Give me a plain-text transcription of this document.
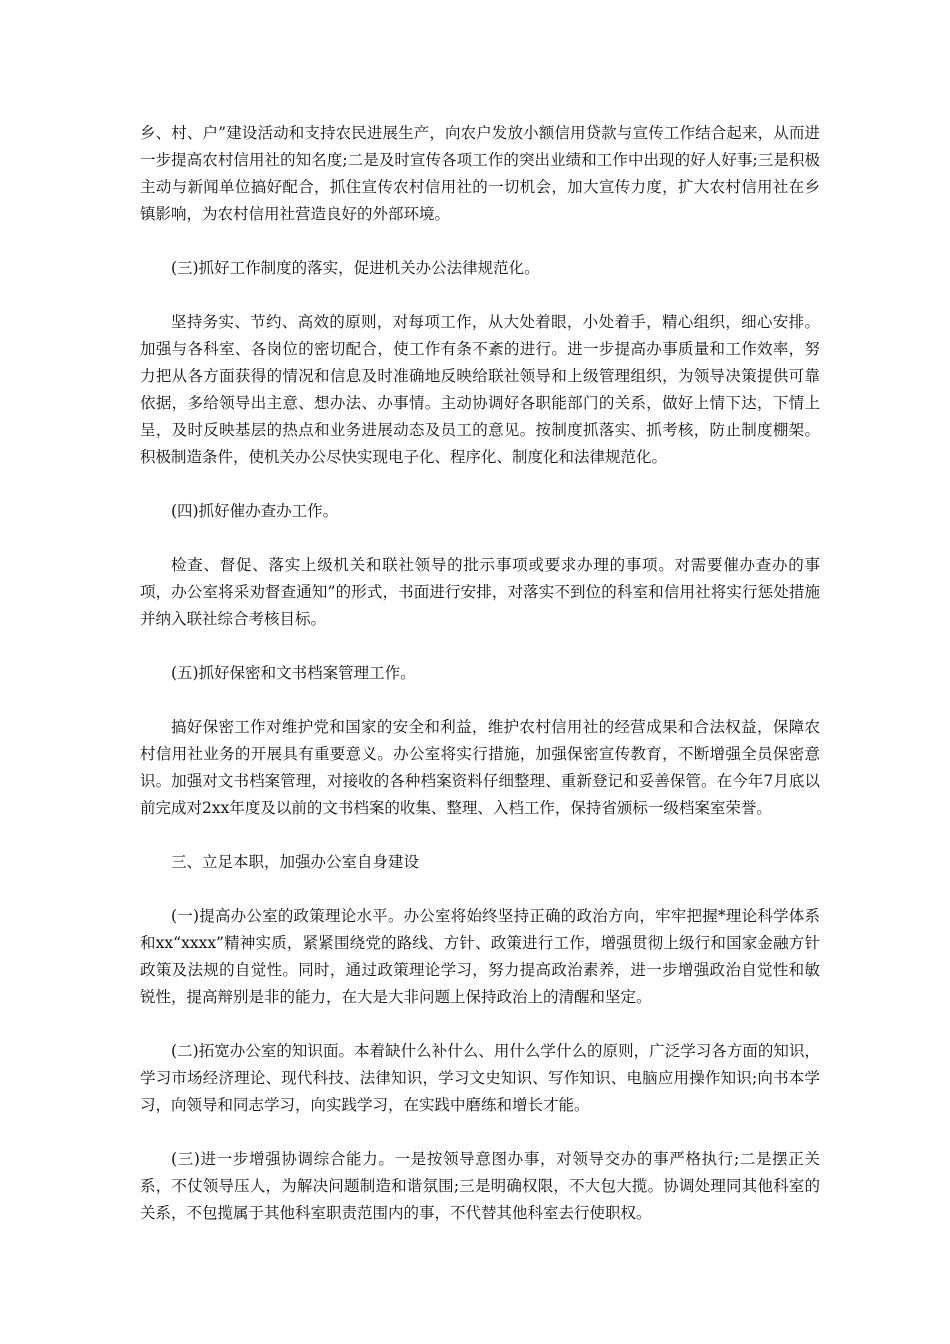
乡、村、户”建设活动和支持农民进展生产，向农户发放小额信用贷款与宣传工作结合起来，从而进一步提高农村信用社的知名度;二是及时宣传各项工作的突出业绩和工作中出现的好人好事;三是积极主动与新闻单位搞好配合，抓住宣传农村信用社的一切机会，加大宣传力度，扩大农村信用社在乡镇影响，为农村信用社营造良好的外部环境。

(三)抓好工作制度的落实，促进机关办公法律规范化。

坚持务实、节约、高效的原则，对每项工作，从大处着眼，小处着手，精心组织，细心安排。加强与各科室、各岗位的密切配合，使工作有条不紊的进行。进一步提高办事质量和工作效率，努力把从各方面获得的情况和信息及时准确地反映给联社领导和上级管理组织，为领导决策提供可靠依据，多给领导出主意、想办法、办事情。主动协调好各职能部门的关系，做好上情下达，下情上呈，及时反映基层的热点和业务进展动态及员工的意见。按制度抓落实、抓考核，防止制度棚架。积极制造条件，使机关办公尽快实现电子化、程序化、制度化和法律规范化。

(四)抓好催办查办工作。

检查、督促、落实上级机关和联社领导的批示事项或要求办理的事项。对需要催办查办的事项，办公室将采劝督查通知”的形式，书面进行安排，对落实不到位的科室和信用社将实行惩处措施并纳入联社综合考核目标。

(五)抓好保密和文书档案管理工作。

搞好保密工作对维护党和国家的安全和利益，维护农村信用社的经营成果和合法权益，保障农村信用社业务的开展具有重要意义。办公室将实行措施，加强保密宣传教育，不断增强全员保密意识。加强对文书档案管理，对接收的各种档案资料仔细整理、重新登记和妥善保管。在今年7月底以前完成对2xx年度及以前的文书档案的收集、整理、入档工作，保持省颁标一级档案室荣誉。

三、立足本职，加强办公室自身建设

(一)提高办公室的政策理论水平。办公室将始终坚持正确的政治方向，牢牢把握*理论科学体系和xx“xxxx”精神实质，紧紧围绕党的路线、方针、政策进行工作，增强贯彻上级行和国家金融方针政策及法规的自觉性。同时，通过政策理论学习，努力提高政治素养，进一步增强政治自觉性和敏锐性，提高辩别是非的能力，在大是大非问题上保持政治上的清醒和坚定。

(二)拓宽办公室的知识面。本着缺什么补什么、用什么学什么的原则，广泛学习各方面的知识，学习市场经济理论、现代科技、法律知识，学习文史知识、写作知识、电脑应用操作知识;向书本学习，向领导和同志学习，向实践学习，在实践中磨练和增长才能。

(三)进一步增强协调综合能力。一是按领导意图办事，对领导交办的事严格执行;二是摆正关系，不仗领导压人，为解决问题制造和谐氛围;三是明确权限，不大包大揽。协调处理同其他科室的关系，不包揽属于其他科室职责范围内的事，不代替其他科室去行使职权。
